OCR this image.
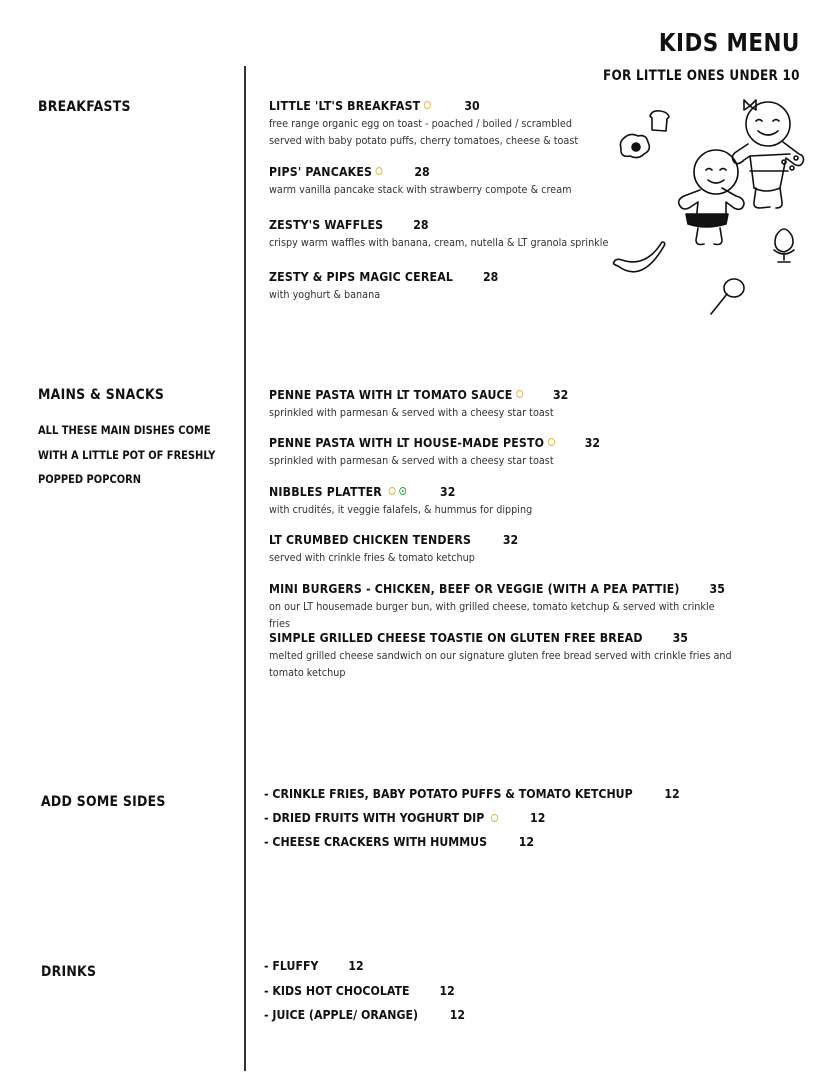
KIDS MENU
FOR LITTLE ONES UNDER 10
BREAKFASTS	LITTLE 'LT'S BREAKFAST	30
free range organic egg on toast - poached / boiled / scrambled
served with baby potato puffs, cherry tomatoes, cheese & toast
PIPS' PANCAKES	28
warm vanilla pancake stack with strawberry compote & cream
ZESTY'S WAFFLES 28
crispy warm waffles with banana, cream, nutella & LT granola sprinkle
ZESTY & PIPS MAGIC CEREAL 28
with yoghurt & banana
MAINS & SNACKS
ALL THESE MAIN DISHES COME WITH A LITTLE POT OF FRESHLY POPPED POPCORN
PENNE PASTA WITH LT TOMATO SAUCE	32
sprinkled with parmesan & served with a cheesy star toast
PENNE PASTA WITH LT HOUSE-MADE PESTO	32
sprinkled with parmesan & served with a cheesy star toast
NIBBLES PLATTER	32
with crudités, it veggie falafels, & hummus for dipping
LT CRUMBED CHICKEN TENDERS	32
served with crinkle fries & tomato ketchup
MINI BURGERS - CHICKEN, BEEF OR VEGGIE (WITH A PEA PATTIE) 35
on our LT housemade burger bun, with grilled cheese, tomato ketchup & served with crinkle fries
SIMPLE GRILLED CHEESE TOASTIE ON GLUTEN FREE BREAD 35
melted grilled cheese sandwich on our signature gluten free bread served with crinkle fries and
tomato ketchup
ADD SOME SIDES
- CRINKLE FRIES, BABY POTATO PUFFS & TOMATO KETCHUP	12
- DRIED FRUITS WITH YOGHURT DIP	12
- CHEESE CRACKERS WITH HUMMUS	12
DRINKS	- FLUFFY 12
- KIDS HOT CHOCOLATE 12
- JUICE (APPLE/ ORANGE)	12
